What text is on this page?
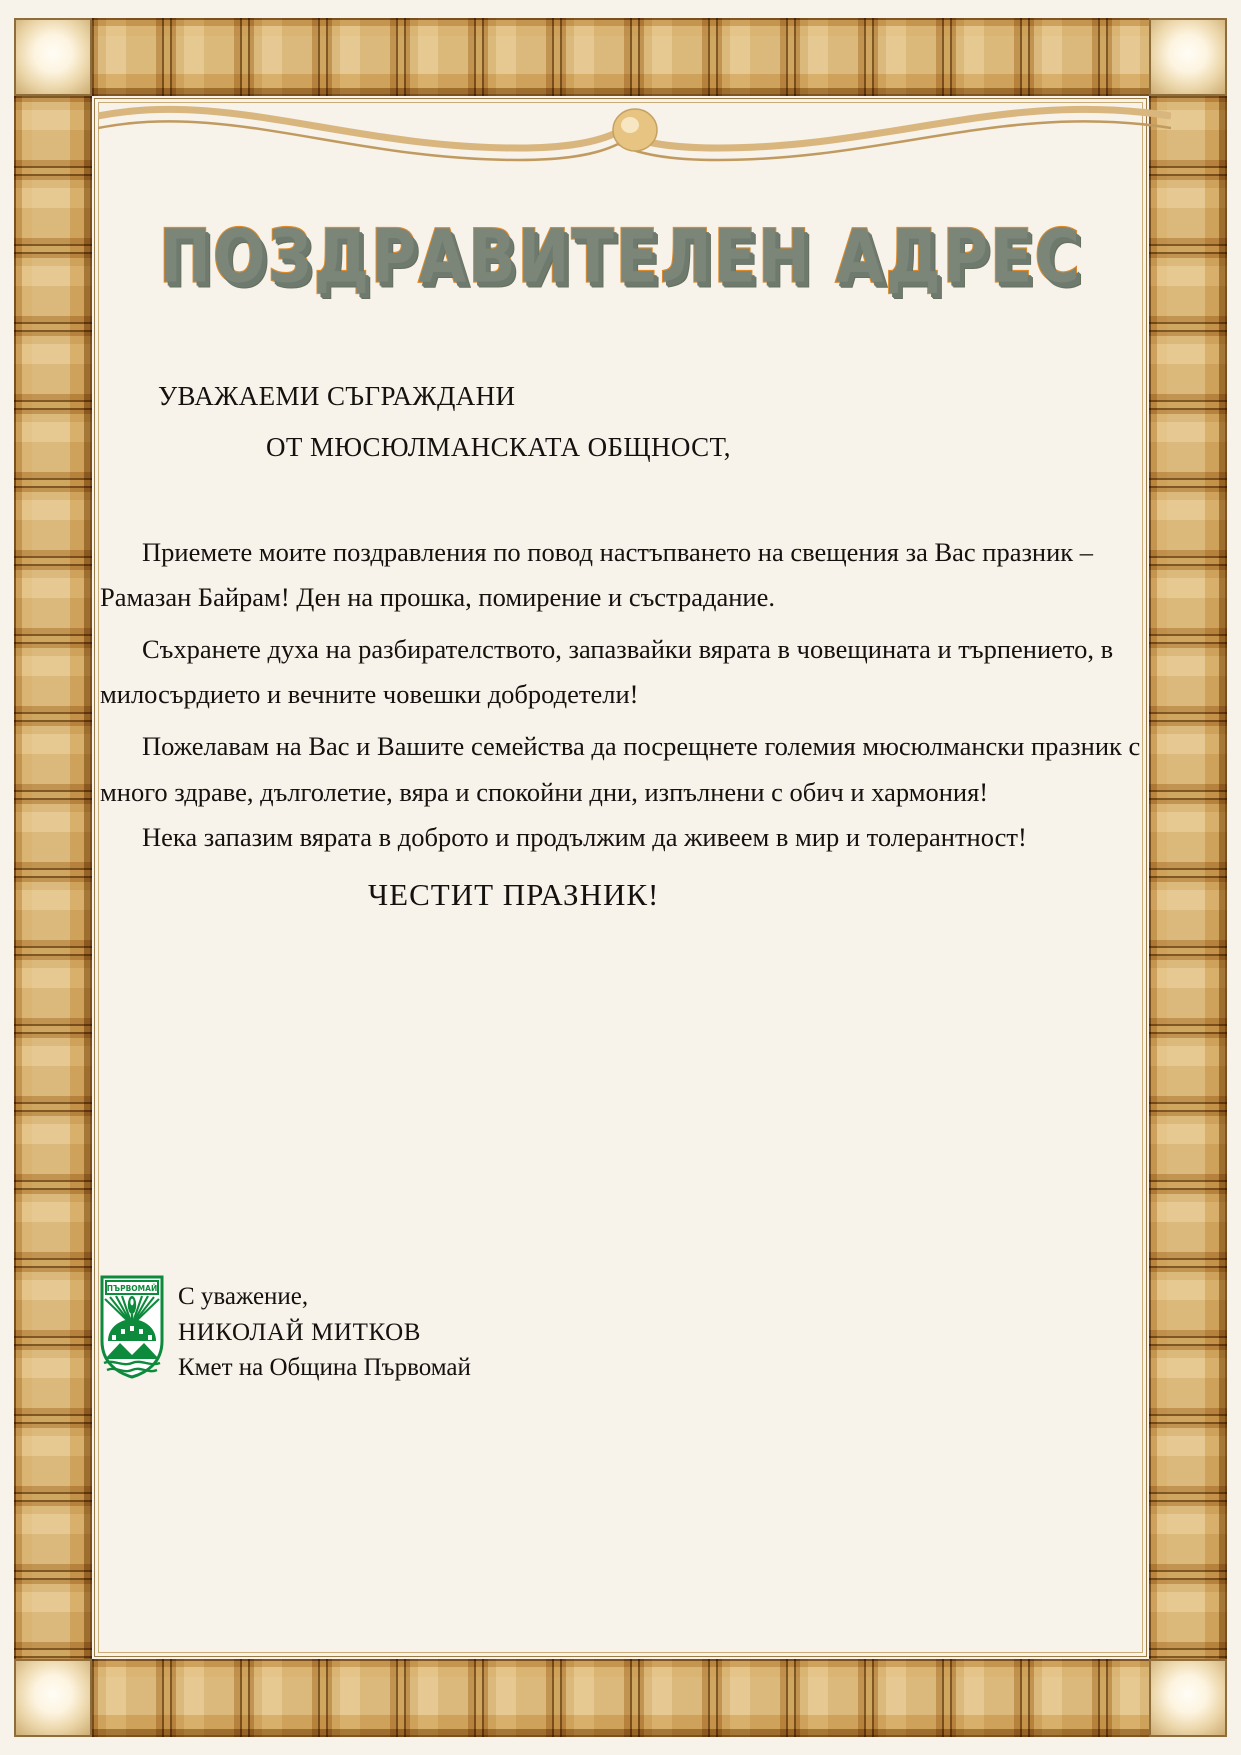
ПОЗДРАВИТЕЛЕН АДРЕС
УВАЖАЕМИ СЪГРАЖДАНИ
ОТ МЮСЮЛМАНСКАТА ОБЩНОСТ,

Приемете моите поздравления по повод настъпването на свещения за Вас празник – Рамазан Байрам! Ден на прошка, помирение и състрадание.

Съхранете духа на разбирателството, запазвайки вярата в човещината и търпението, в милосърдието и вечните човешки добродетели!

Пожелавам на Вас и Вашите семейства да посрещнете големия мюсюлмански празник с много здраве, дълголетие, вяра и спокойни дни, изпълнени с обич и хармония!

Нека запазим вярата в доброто и продължим да живеем в мир и толерантност!

ЧЕСТИТ ПРАЗНИК!
ПЪРВОМАЙ С уважение,
НИКОЛАЙ МИТКОВ
Кмет на Община Първомай
